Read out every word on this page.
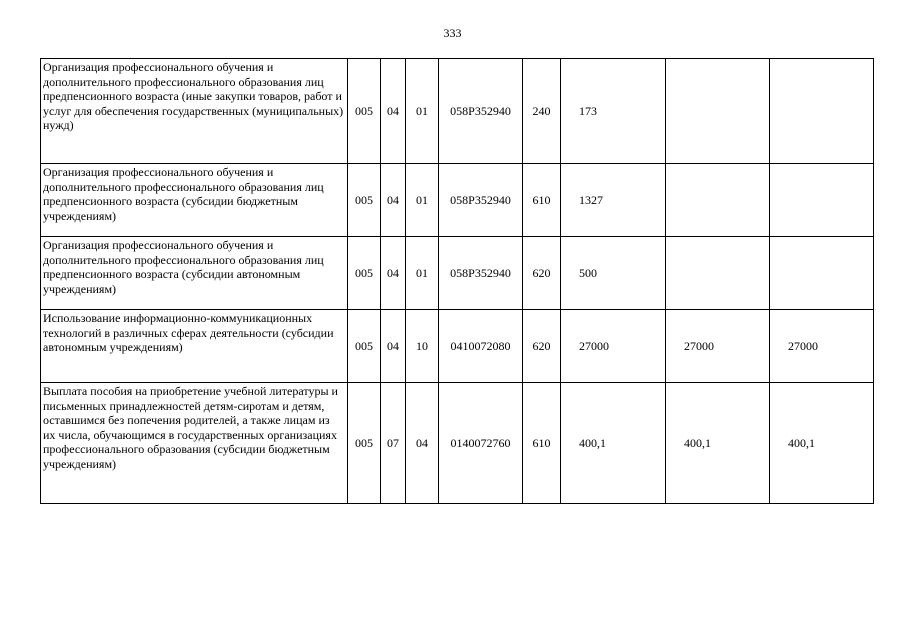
333
Организация профессионального обучения и дополнительного профессионального образования лиц предпенсионного возраста (иные закупки товаров, работ и услуг для обеспечения государственных (муниципальных) нужд)	005	04	01	058P352940	240	173		
Организация профессионального обучения и дополнительного профессионального образования лиц предпенсионного возраста (субсидии бюджетным учреждениям)	005	04	01	058P352940	610	1327		
Организация профессионального обучения и дополнительного профессионального образования лиц предпенсионного возраста (субсидии автономным учреждениям)	005	04	01	058P352940	620	500		
Использование информационно-коммуникационных технологий в различных сферах деятельности (субсидии автономным учреждениям)	005	04	10	0410072080	620	27000	27000	27000
Выплата пособия на приобретение учебной литературы и письменных принадлежностей детям-сиротам и детям, оставшимся без попечения родителей, а также лицам из их числа, обучающимся в государственных организациях профессионального образования (субсидии бюджетным учреждениям)	005	07	04	0140072760	610	400,1	400,1	400,1
